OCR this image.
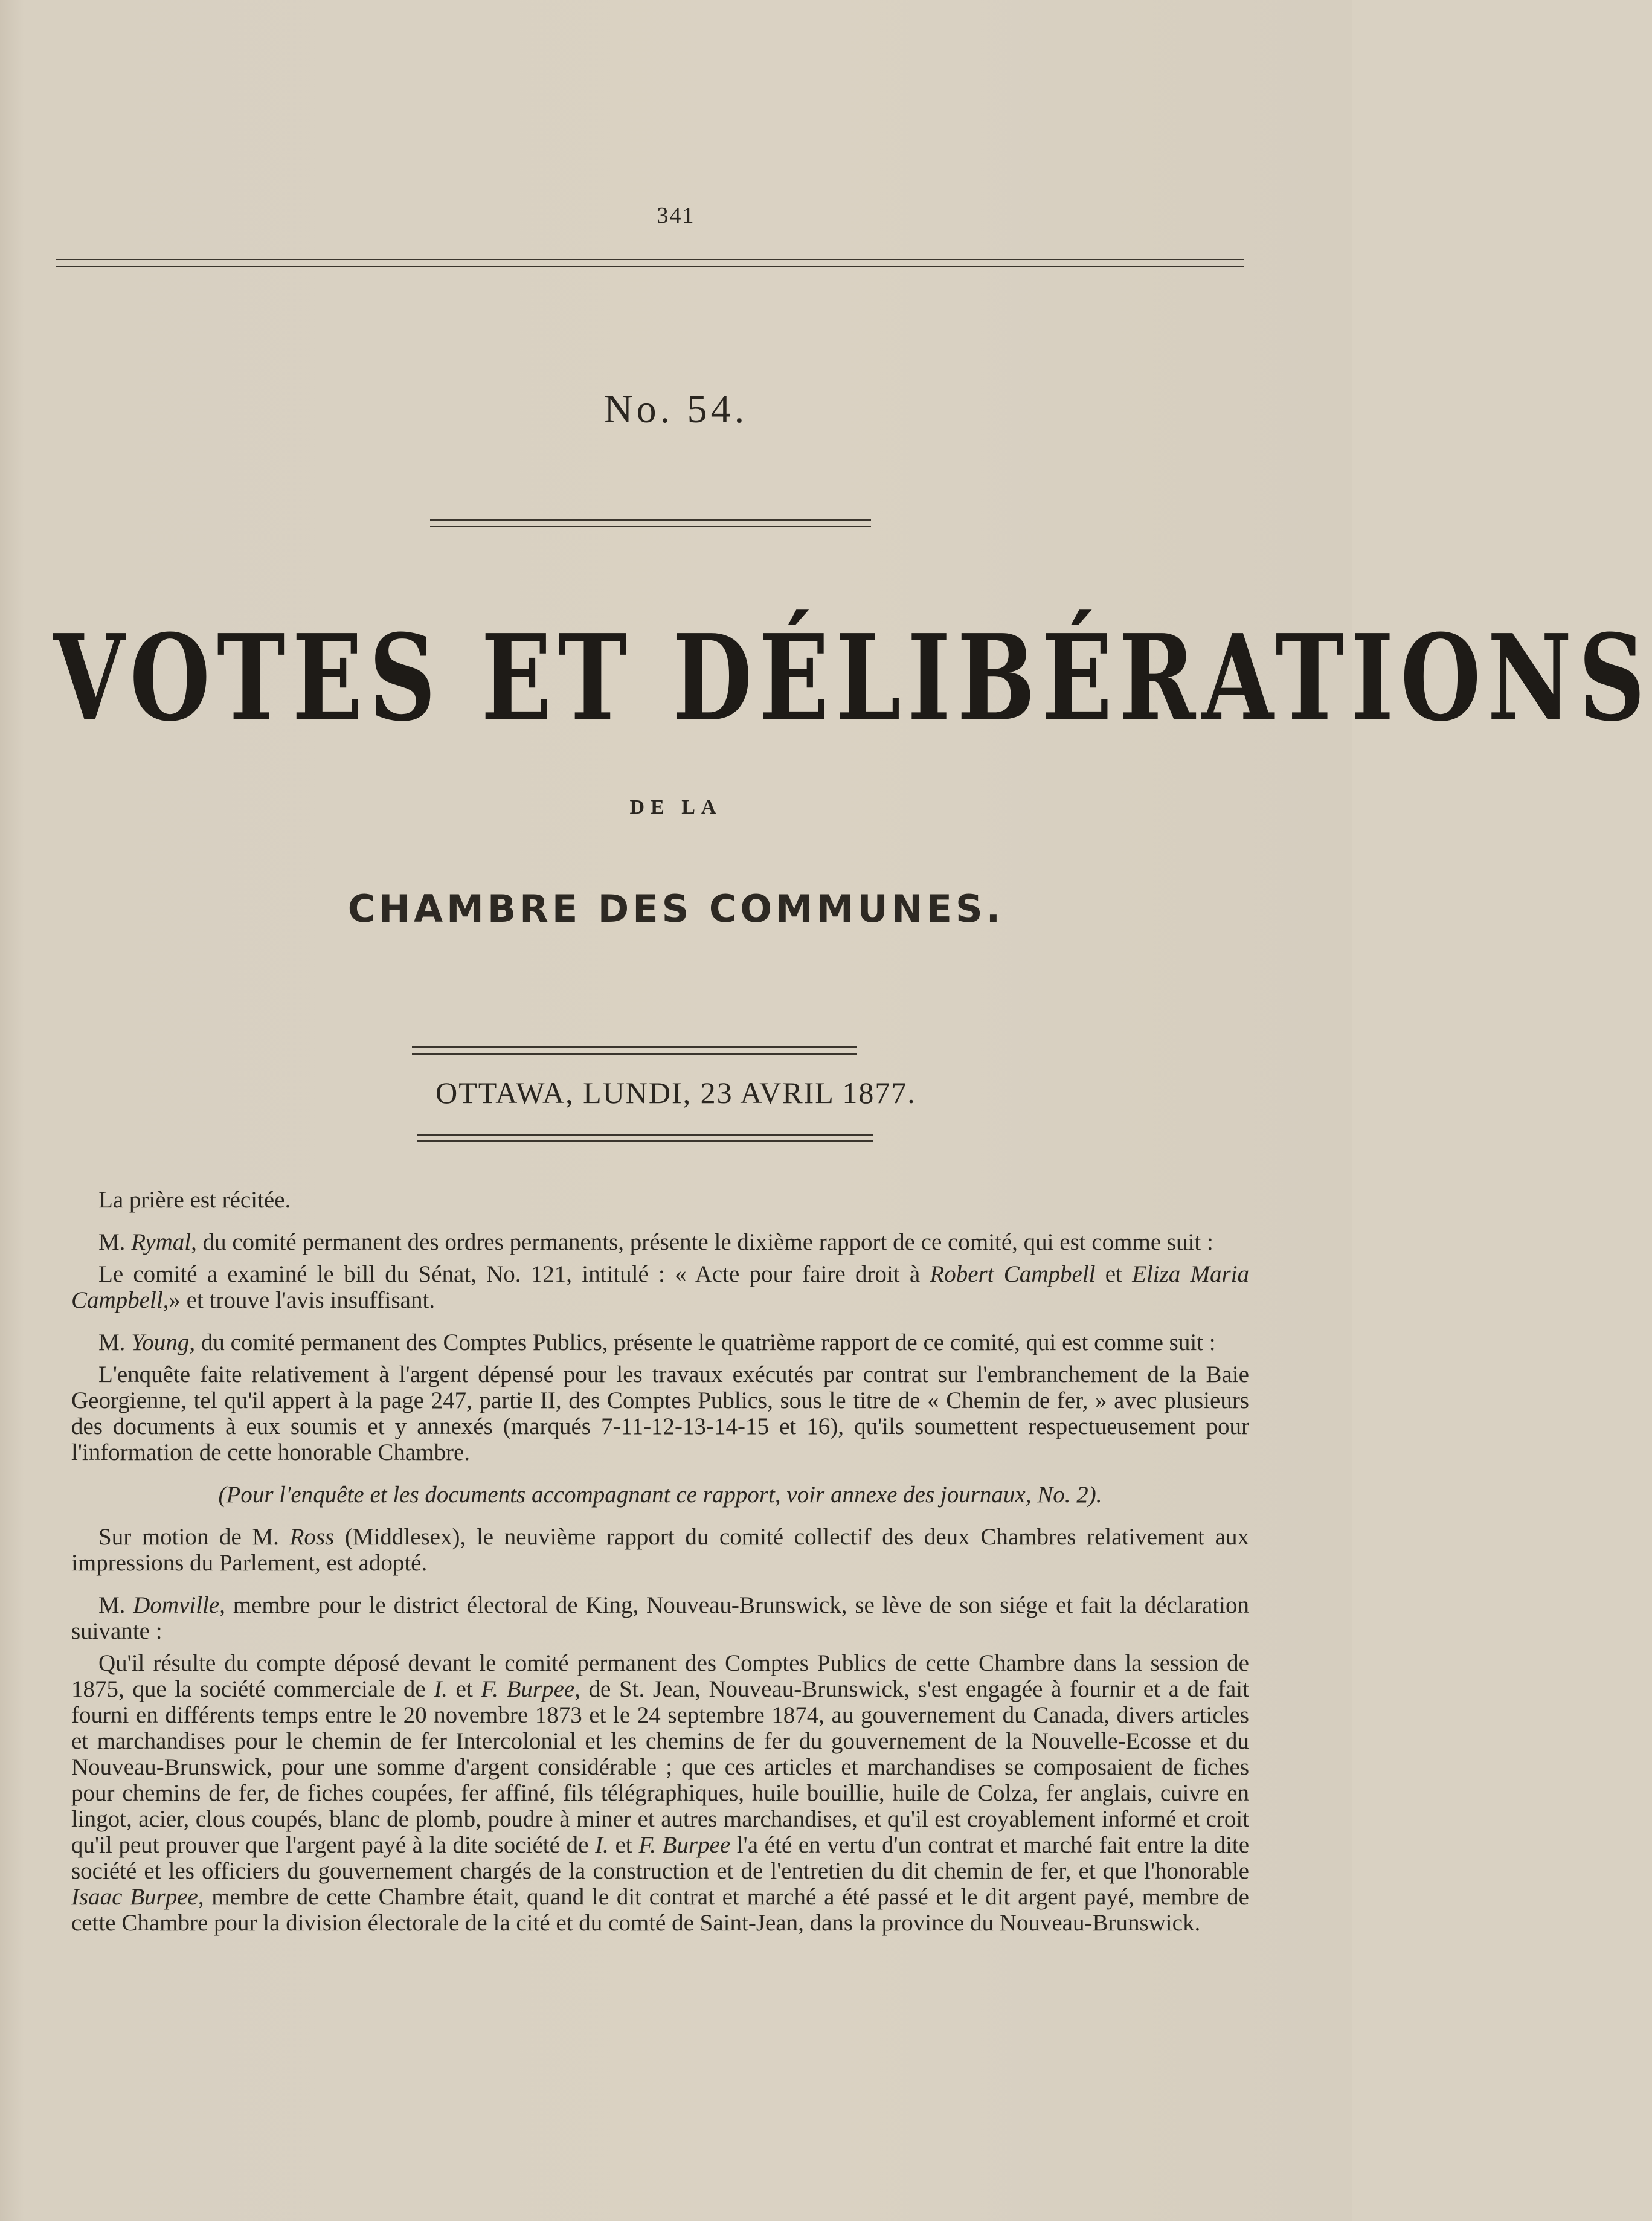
341
No. 54.
VOTES ET DÉLIBÉRATIONS
DE LA
CHAMBRE DES COMMUNES.
OTTAWA, LUNDI, 23 AVRIL 1877.

La prière est récitée.

M. Rymal, du comité permanent des ordres permanents, présente le dixième rapport de ce comité, qui est comme suit :

Le comité a examiné le bill du Sénat, No. 121, intitulé : « Acte pour faire droit à Robert Campbell et Eliza Maria Campbell,» et trouve l'avis insuffisant.

M. Young, du comité permanent des Comptes Publics, présente le quatrième rapport de ce comité, qui est comme suit :

L'enquête faite relativement à l'argent dépensé pour les travaux exécutés par contrat sur l'embranchement de la Baie Georgienne, tel qu'il appert à la page 247, partie II, des Comptes Publics, sous le titre de « Chemin de fer, » avec plusieurs des documents à eux soumis et y annexés (marqués 7-11-12-13-14-15 et 16), qu'ils soumettent respectueusement pour l'information de cette honorable Chambre.

(Pour l'enquête et les documents accompagnant ce rapport, voir annexe des journaux, No. 2).

Sur motion de M. Ross (Middlesex), le neuvième rapport du comité collectif des deux Chambres relativement aux impressions du Parlement, est adopté.

M. Domville, membre pour le district électoral de King, Nouveau-Brunswick, se lève de son siége et fait la déclaration suivante :

Qu'il résulte du compte déposé devant le comité permanent des Comptes Publics de cette Chambre dans la session de 1875, que la société commerciale de I. et F. Burpee, de St. Jean, Nouveau-Brunswick, s'est engagée à fournir et a de fait fourni en différents temps entre le 20 novembre 1873 et le 24 septembre 1874, au gouvernement du Canada, divers articles et marchandises pour le chemin de fer Intercolonial et les chemins de fer du gouvernement de la Nouvelle-Ecosse et du Nouveau-Brunswick, pour une somme d'argent considérable ; que ces articles et marchandises se composaient de fiches pour chemins de fer, de fiches coupées, fer affiné, fils télégraphiques, huile bouillie, huile de Colza, fer anglais, cuivre en lingot, acier, clous coupés, blanc de plomb, poudre à miner et autres marchandises, et qu'il est croyablement informé et croit qu'il peut prouver que l'argent payé à la dite société de I. et F. Burpee l'a été en vertu d'un contrat et marché fait entre la dite société et les officiers du gouvernement chargés de la construction et de l'entretien du dit chemin de fer, et que l'honorable Isaac Burpee, membre de cette Chambre était, quand le dit contrat et marché a été passé et le dit argent payé, membre de cette Chambre pour la division électorale de la cité et du comté de Saint-Jean, dans la province du Nouveau-Brunswick.
